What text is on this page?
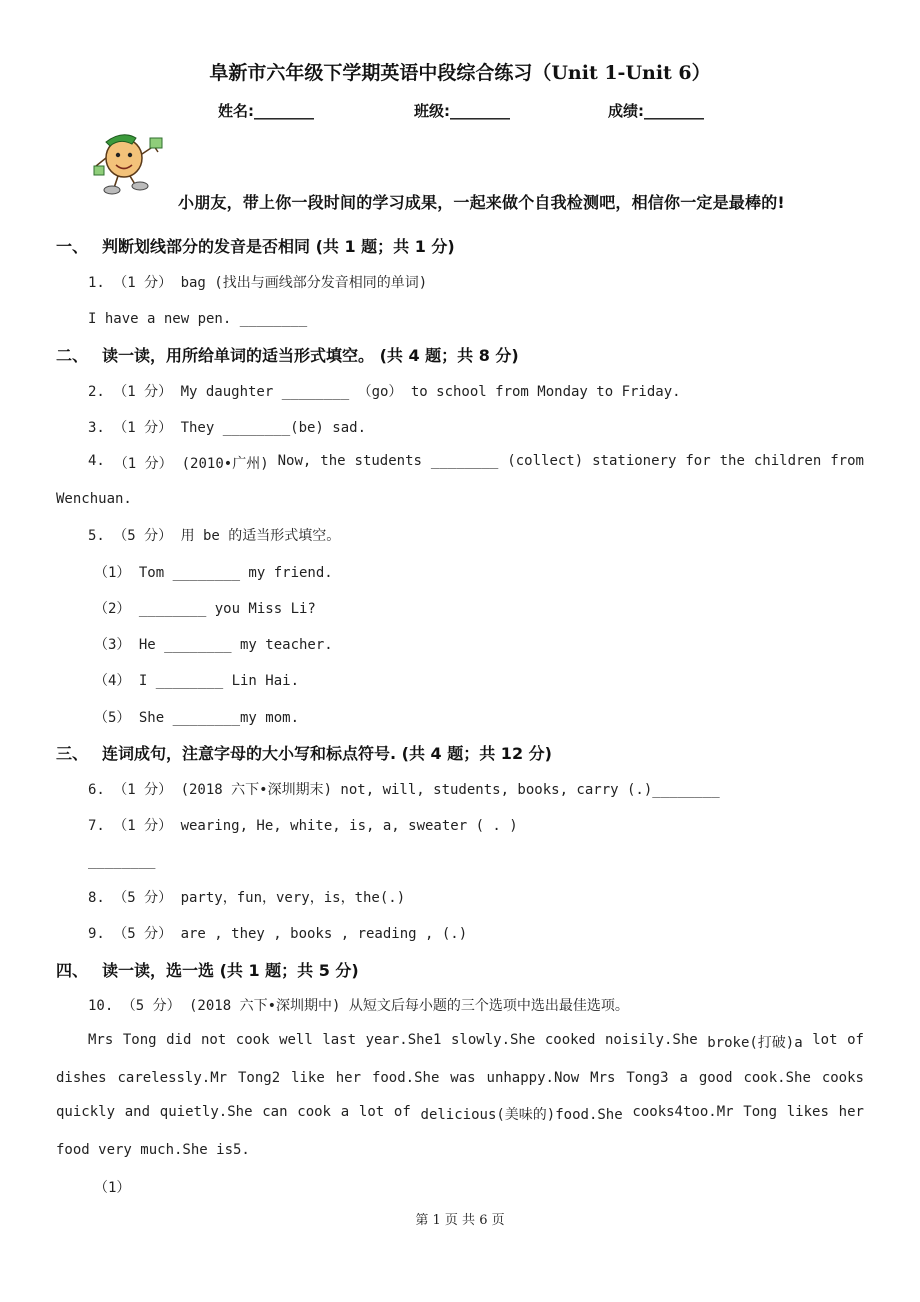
阜新市六年级下学期英语中段综合练习（Unit 1-Unit 6）
姓名:________	班级:________	成绩:________
小朋友，带上你一段时间的学习成果，一起来做个自我检测吧，相信你一定是最棒的!
一、 判断划线部分的发音是否相同 (共 1 题；共 1 分)
1. （1 分） bag (找出与画线部分发音相同的单词)
I have a new pen. ________
二、 读一读，用所给单词的适当形式填空。 (共 4 题；共 8 分)
2. （1 分） My daughter ________ （go） to school from Monday to Friday.
3. （1 分） They ________(be) sad.
4. （1 分） (2010•广州) Now, the students ________ (collect) stationery for the children from
Wenchuan.
5. （5 分） 用 be 的适当形式填空。
（1） Tom ________ my friend.
（2） ________ you Miss Li?
（3） He ________ my teacher.
（4） I ________ Lin Hai.
（5） She ________my mom.
三、 连词成句，注意字母的大小写和标点符号. (共 4 题；共 12 分)
6. （1 分） (2018 六下•深圳期末) not, will, students, books, carry (.)________
7. （1 分） wearing, He, white, is, a, sweater ( . )
________
8. （5 分） party，fun，very，is，the(.)
9. （5 分） are , they , books , reading , (.)
四、 读一读，选一选 (共 1 题；共 5 分)
10. （5 分） (2018 六下•深圳期中) 从短文后每小题的三个选项中选出最佳选项。
Mrs Tong did not cook well last year.She1 slowly.She cooked noisily.She broke(打破)a lot of
dishes carelessly.Mr Tong2 like her food.She was unhappy.Now Mrs Tong3 a good cook.She cooks
quickly and quietly.She can cook a lot of delicious(美味的)food.She cooks4too.Mr Tong likes her
food very much.She is5.
（1）
第 1 页 共 6 页
